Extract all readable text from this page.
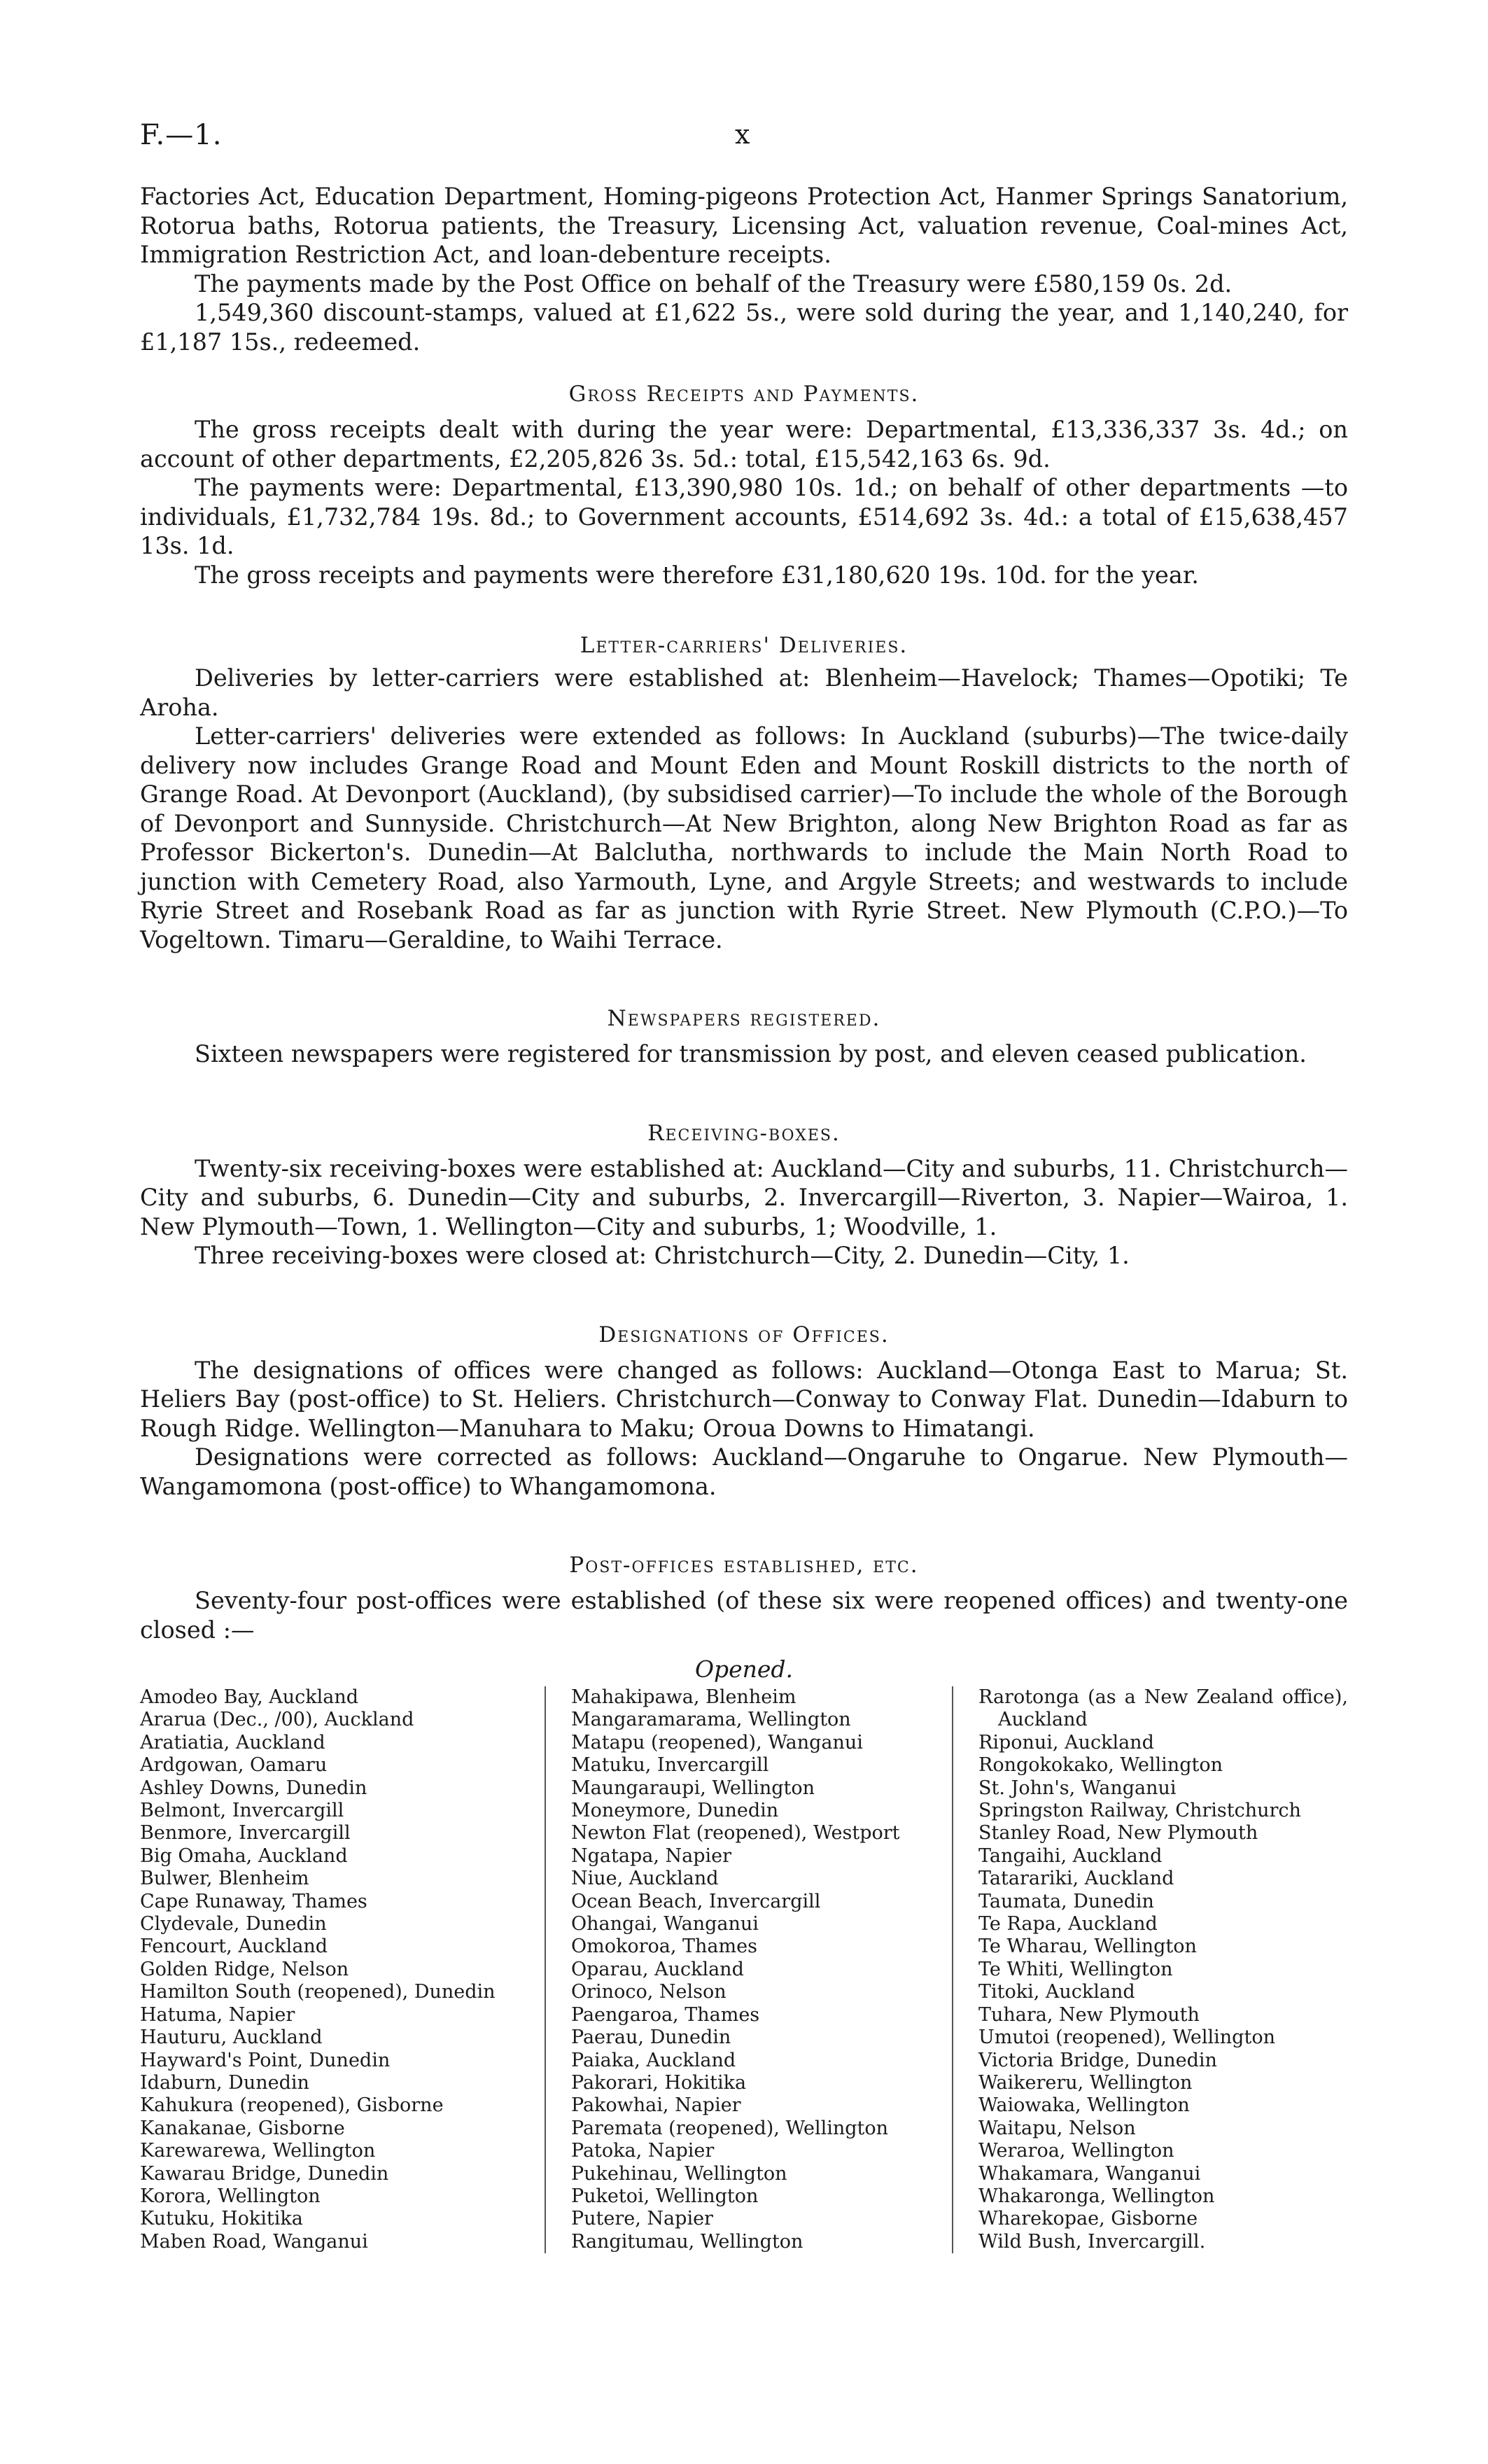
F.—1.	x

Factories Act, Education Department, Homing-pigeons Protection Act, Hanmer Springs Sanatorium, Rotorua baths, Rotorua patients, the Treasury, Licensing Act, valuation revenue, Coal-mines Act, Immigration Restriction Act, and loan-debenture receipts.

The payments made by the Post Office on behalf of the Treasury were £580,159 0s. 2d.

1,549,360 discount-stamps, valued at £1,622 5s., were sold during the year, and 1,140,240, for £1,187 15s., redeemed.

Gross Receipts and Payments.

The gross receipts dealt with during the year were: Departmental, £13,336,337 3s. 4d.; on account of other departments, £2,205,826 3s. 5d.: total, £15,542,163 6s. 9d.

The payments were: Departmental, £13,390,980 10s. 1d.; on behalf of other departments —to individuals, £1,732,784 19s. 8d.; to Government accounts, £514,692 3s. 4d.: a total of £15,638,457 13s. 1d.

The gross receipts and payments were therefore £31,180,620 19s. 10d. for the year.

Letter-carriers' Deliveries.

Deliveries by letter-carriers were established at: Blenheim—Havelock; Thames—Opotiki; Te Aroha.

Letter-carriers' deliveries were extended as follows: In Auckland (suburbs)—The twice-daily delivery now includes Grange Road and Mount Eden and Mount Roskill districts to the north of Grange Road. At Devonport (Auckland), (by subsidised carrier)—To include the whole of the Borough of Devonport and Sunnyside. Christchurch—At New Brighton, along New Brighton Road as far as Professor Bickerton's. Dunedin—At Balclutha, northwards to include the Main North Road to junction with Cemetery Road, also Yarmouth, Lyne, and Argyle Streets; and westwards to include Ryrie Street and Rosebank Road as far as junction with Ryrie Street. New Plymouth (C.P.O.)—To Vogeltown. Timaru—Geraldine, to Waihi Terrace.

Newspapers registered.

Sixteen newspapers were registered for transmission by post, and eleven ceased publication.

Receiving-boxes.

Twenty-six receiving-boxes were established at: Auckland—City and suburbs, 11. Christchurch—City and suburbs, 6. Dunedin—City and suburbs, 2. Invercargill—Riverton, 3. Napier—Wairoa, 1. New Plymouth—Town, 1. Wellington—City and suburbs, 1; Woodville, 1.

Three receiving-boxes were closed at: Christchurch—City, 2. Dunedin—City, 1.

Designations of Offices.

The designations of offices were changed as follows: Auckland—Otonga East to Marua; St. Heliers Bay (post-office) to St. Heliers. Christchurch—Conway to Conway Flat. Dunedin—Idaburn to Rough Ridge. Wellington—Manuhara to Maku; Oroua Downs to Himatangi.

Designations were corrected as follows: Auckland—Ongaruhe to Ongarue. New Plymouth—Wangamomona (post-office) to Whangamomona.

Post-offices established, etc.

Seventy-four post-offices were established (of these six were reopened offices) and twenty-one closed :—

Opened.
Amodeo Bay, Auckland
Ararua (Dec., /00), Auckland
Aratiatia, Auckland
Ardgowan, Oamaru
Ashley Downs, Dunedin
Belmont, Invercargill
Benmore, Invercargill
Big Omaha, Auckland
Bulwer, Blenheim
Cape Runaway, Thames
Clydevale, Dunedin
Fencourt, Auckland
Golden Ridge, Nelson
Hamilton South (reopened), Dunedin
Hatuma, Napier
Hauturu, Auckland
Hayward's Point, Dunedin
Idaburn, Dunedin
Kahukura (reopened), Gisborne
Kanakanae, Gisborne
Karewarewa, Wellington
Kawarau Bridge, Dunedin
Korora, Wellington
Kutuku, Hokitika
Maben Road, Wanganui
Mahakipawa, Blenheim
Mangaramarama, Wellington
Matapu (reopened), Wanganui
Matuku, Invercargill
Maungaraupi, Wellington
Moneymore, Dunedin
Newton Flat (reopened), Westport
Ngatapa, Napier
Niue, Auckland
Ocean Beach, Invercargill
Ohangai, Wanganui
Omokoroa, Thames
Oparau, Auckland
Orinoco, Nelson
Paengaroa, Thames
Paerau, Dunedin
Paiaka, Auckland
Pakorari, Hokitika
Pakowhai, Napier
Paremata (reopened), Wellington
Patoka, Napier
Pukehinau, Wellington
Puketoi, Wellington
Putere, Napier
Rangitumau, Wellington
Rarotonga (as a New Zealand office), Auckland
Riponui, Auckland
Rongokokako, Wellington
St. John's, Wanganui
Springston Railway, Christchurch
Stanley Road, New Plymouth
Tangaihi, Auckland
Tatarariki, Auckland
Taumata, Dunedin
Te Rapa, Auckland
Te Wharau, Wellington
Te Whiti, Wellington
Titoki, Auckland
Tuhara, New Plymouth
Umutoi (reopened), Wellington
Victoria Bridge, Dunedin
Waikereru, Wellington
Waiowaka, Wellington
Waitapu, Nelson
Weraroa, Wellington
Whakamara, Wanganui
Whakaronga, Wellington
Wharekopae, Gisborne
Wild Bush, Invercargill.
